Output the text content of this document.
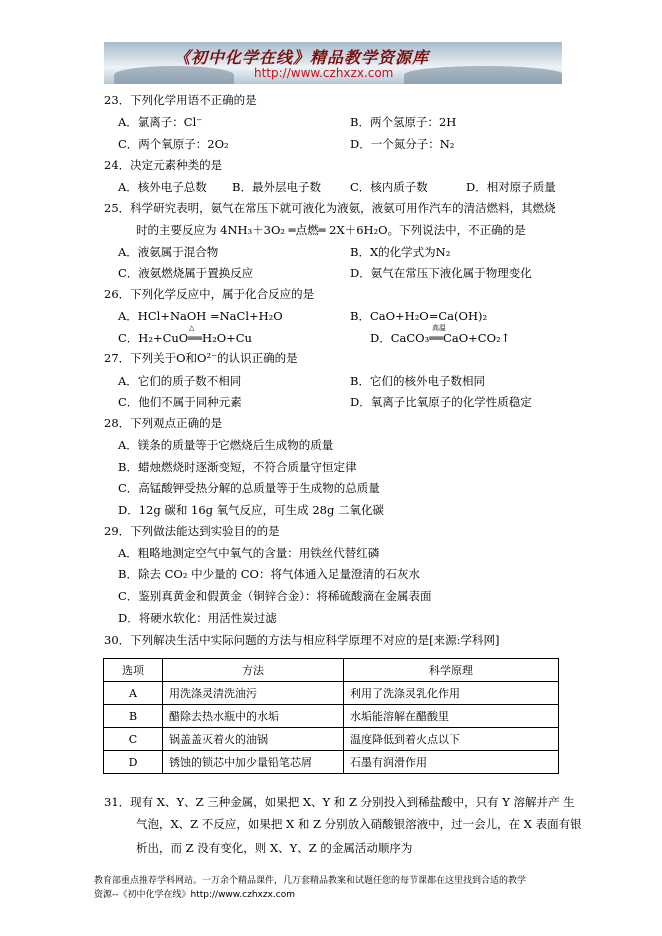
《初中化学在线》精品教学资源库
http://www.czhxzx.com
23．下列化学用语不正确的是
A．氯离子：Cl⁻	B．两个氢原子：2H
C．两个氧原子：2O₂	D．一个氮分子：N₂
24．决定元素种类的是
A．核外电子总数 B．最外层电子数	C．核内质子数	D．相对原子质量
25．科学研究表明，氨气在常压下就可液化为液氨，液氨可用作汽车的清洁燃料，其燃烧
时的主要反应为 4NH₃＋3O₂ ═点燃═ 2X＋6H₂O。下列说法中，不正确的是
A．液氨属于混合物	B．X的化学式为N₂
C．液氨燃烧属于置换反应	D．氨气在常压下液化属于物理变化
26．下列化学反应中，属于化合反应的是
A．HCl+NaOH =NaCl+H₂O	B．CaO+H₂O=Ca(OH)₂
C．H₂+CuO══H₂O+Cu
△
D．CaCO₃══CaO+CO₂↑
高温
27．下列关于O和O²⁻的认识正确的是
A．它们的质子数不相同	B．它们的核外电子数相同
C．他们不属于同种元素	D．氧离子比氧原子的化学性质稳定
28．下列观点正确的是
A．镁条的质量等于它燃烧后生成物的质量
B．蜡烛燃烧时逐渐变短，不符合质量守恒定律
C．高锰酸钾受热分解的总质量等于生成物的总质量
D．12g 碳和 16g 氧气反应，可生成 28g 二氧化碳
29．下列做法能达到实验目的的是
A．粗略地测定空气中氧气的含量：用铁丝代替红磷
B．除去 CO₂ 中少量的 CO：将气体通入足量澄清的石灰水
C．鉴别真黄金和假黄金（铜锌合金）：将稀硫酸滴在金属表面
D．将硬水软化：用活性炭过滤
30．下列解决生活中实际问题的方法与相应科学原理不对应的是[来源:学科网]
选项	方法	科学原理
A	用洗涤灵清洗油污	利用了洗涤灵乳化作用
B	醋除去热水瓶中的水垢	水垢能溶解在醋酸里
C	锅盖盖灭着火的油锅	温度降低到着火点以下
D	锈蚀的锁芯中加少量铅笔芯屑	石墨有润滑作用
31．现有 X、Y、Z 三种金属，如果把 X、Y 和 Z 分别投入到稀盐酸中，只有 Y 溶解并产 生
气泡，X、Z 不反应，如果把 X 和 Z 分别放入硝酸银溶液中，过一会儿，在 X 表面有银
析出，而 Z 没有变化，则 X、Y、Z 的金属活动顺序为
教育部重点推荐学科网站。一万余个精品课件，几万套精品教案和试题任您的每节课都在这里找到合适的教学
资源--《初中化学在线》http://www.czhxzx.com
